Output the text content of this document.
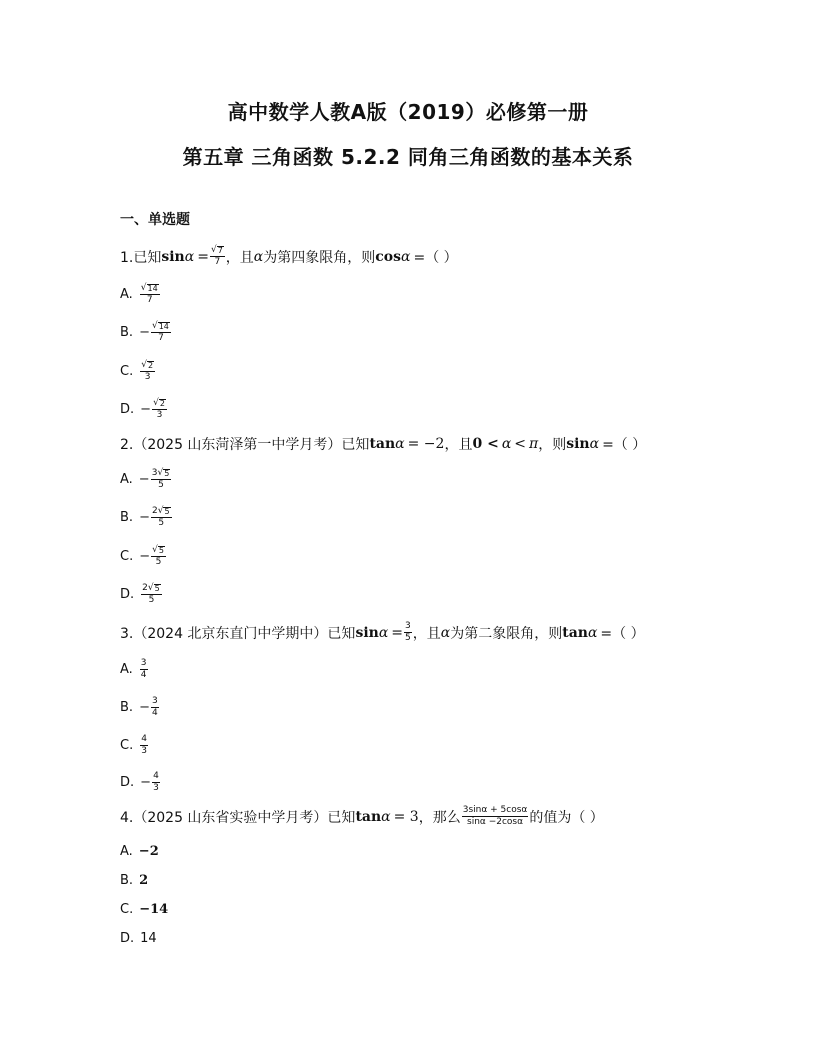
高中数学人教A版（2019）必修第一册
第五章 三角函数 5.2.2 同角三角函数的基本关系
一、单选题
1.已知 $\sin \alpha = \frac{√ 7}{7}$ ，且 α 为第四象限角，则 cos α =（ ）
A. $\frac{√ 14}{7}$
B. − $\frac{√ 14}{7}$
C. $\frac{√ 2}{3}$
D. − $\frac{√ 2}{3}$
2.（2025 山东菏泽第一中学月考）已知 tan α = −2 ，且 0 < α < π ，则 sin α =（ ）
A. − $\frac{3 √ 5}{5}$
B. − $\frac{2 √ 5}{5}$
C. − $\frac{√ 5}{5}$
D. $\frac{2 √ 5}{5}$
3.（2024 北京东直门中学期中）已知 $\sin \alpha = \frac{3}{5}$ ，且 α 为第二象限角，则 tan α =（ ）
A. $\frac{3}{4}$
B. − $\frac{3}{4}$
C. $\frac{4}{3}$
D. − $\frac{4}{3}$
4.（2025 山东省实验中学月考）已知 tan α = 3 ，那么 $\frac{3\sin\alpha + 5\cos\alpha}{\sin\alpha -2\cos\alpha}$ 的值为（ ）
A. −2
B. 2
C. −14
D. 14
